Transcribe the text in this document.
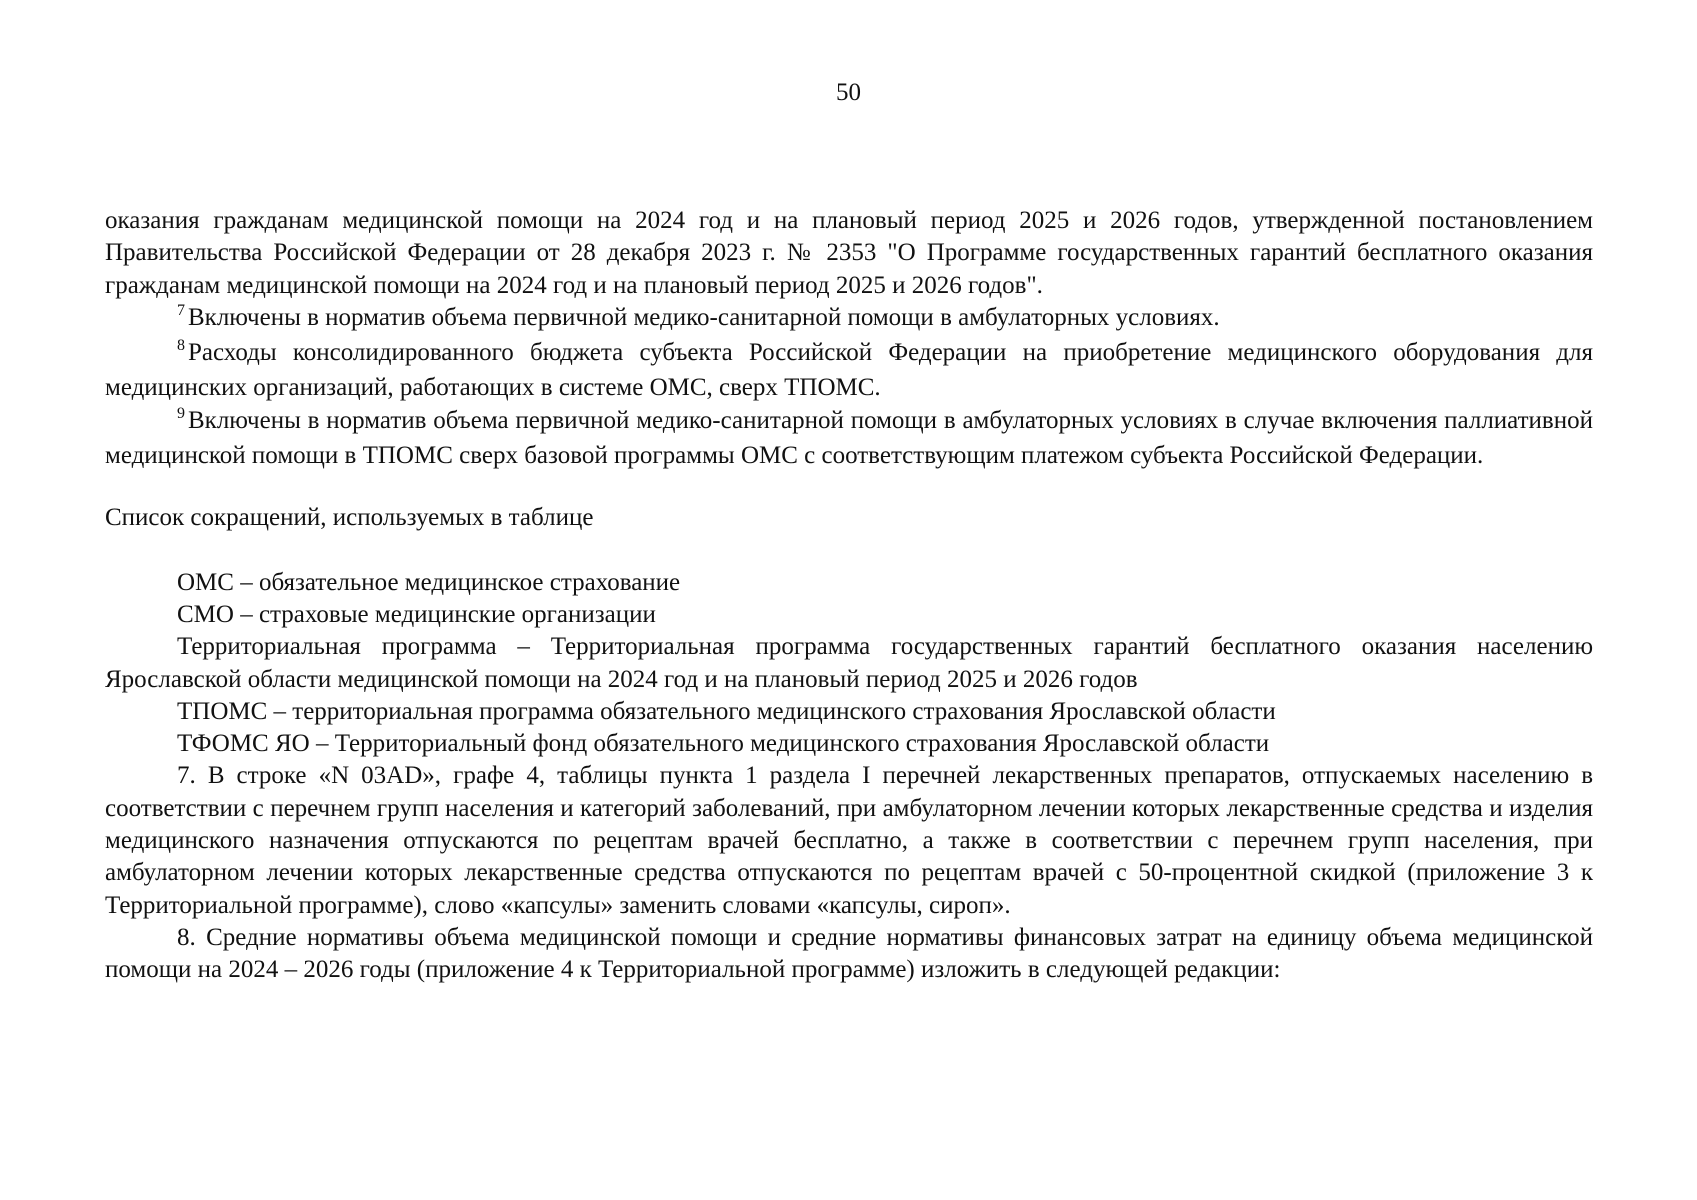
50

оказания гражданам медицинской помощи на 2024 год и на плановый период 2025 и 2026 годов, утвержденной постановлением Правительства Российской Федерации от 28 декабря 2023 г. № 2353 "О Программе государственных гарантий бесплатного оказания гражданам медицинской помощи на 2024 год и на плановый период 2025 и 2026 годов".

$^7$ Включены в норматив объема первичной медико-санитарной помощи в амбулаторных условиях.

$^8$ Расходы консолидированного бюджета субъекта Российской Федерации на приобретение медицинского оборудования для медицинских организаций, работающих в системе ОМС, сверх ТПОМС.

$^9$ Включены в норматив объема первичной медико-санитарной помощи в амбулаторных условиях в случае включения паллиативной медицинской помощи в ТПОМС сверх базовой программы ОМС с соответствующим платежом субъекта Российской Федерации.

Список сокращений, используемых в таблице

ОМС – обязательное медицинское страхование

СМО – страховые медицинские организации

Территориальная программа – Территориальная программа государственных гарантий бесплатного оказания населению Ярославской области медицинской помощи на 2024 год и на плановый период 2025 и 2026 годов

ТПОМС – территориальная программа обязательного медицинского страхования Ярославской области

ТФОМС ЯО – Территориальный фонд обязательного медицинского страхования Ярославской области

7. В строке «N 03AD», графе 4, таблицы пункта 1 раздела I перечней лекарственных препаратов, отпускаемых населению в соответствии с перечнем групп населения и категорий заболеваний, при амбулаторном лечении которых лекарственные средства и изделия медицинского назначения отпускаются по рецептам врачей бесплатно, а также в соответствии с перечнем групп населения, при амбулаторном лечении которых лекарственные средства отпускаются по рецептам врачей с 50-процентной скидкой (приложение 3 к Территориальной программе), слово «капсулы» заменить словами «капсулы, сироп».

8. Средние нормативы объема медицинской помощи и средние нормативы финансовых затрат на единицу объема медицинской помощи на 2024 – 2026 годы (приложение 4 к Территориальной программе) изложить в следующей редакции:
